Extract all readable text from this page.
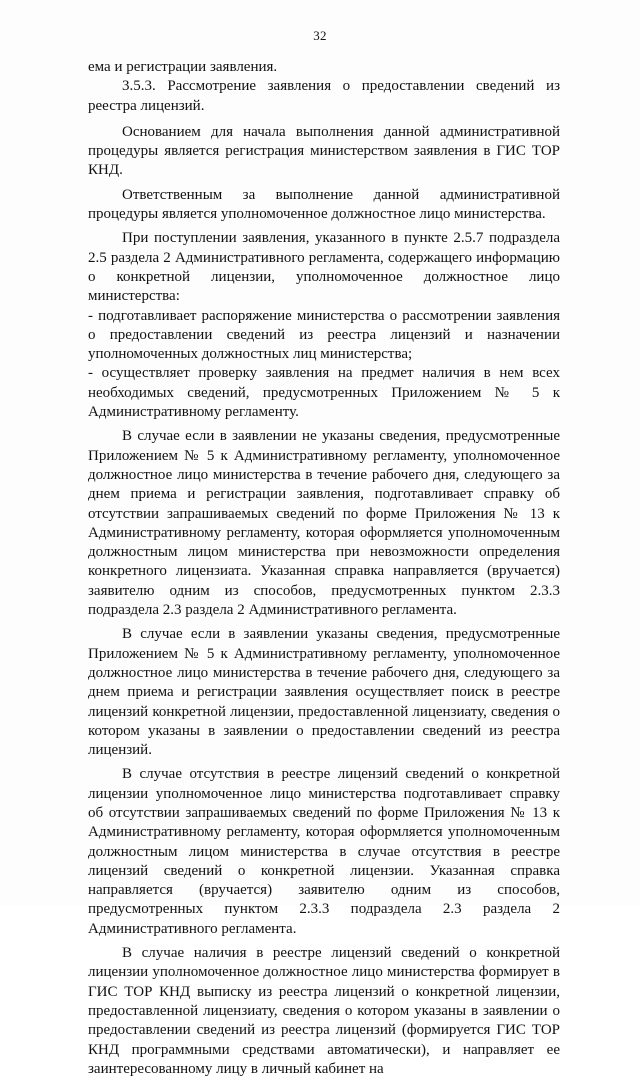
32

ема и регистрации заявления.

3.5.3. Рассмотрение заявления о предоставлении сведений из реестра лицензий.

Основанием для начала выполнения данной административной процедуры является регистрация министерством заявления в ГИС ТОР КНД.

Ответственным за выполнение данной административной процедуры является уполномоченное должностное лицо министерства.

При поступлении заявления, указанного в пункте 2.5.7 подраздела 2.5 раздела 2 Административного регламента, содержащего информацию о конкретной лицензии, уполномоченное должностное лицо министерства:

- подготавливает распоряжение министерства о рассмотрении заявления о предоставлении сведений из реестра лицензий и назначении уполномоченных должностных лиц министерства;

- осуществляет проверку заявления на предмет наличия в нем всех необходимых сведений, предусмотренных Приложением № 5 к Административному регламенту.

В случае если в заявлении не указаны сведения, предусмотренные Приложением № 5 к Административному регламенту, уполномоченное должностное лицо министерства в течение рабочего дня, следующего за днем приема и регистрации заявления, подготавливает справку об отсутствии запрашиваемых сведений по форме Приложения № 13 к Административному регламенту, которая оформляется уполномоченным должностным лицом министерства при невозможности определения конкретного лицензиата. Указанная справка направляется (вручается) заявителю одним из способов, предусмотренных пунктом 2.3.3 подраздела 2.3 раздела 2 Административного регламента.

В случае если в заявлении указаны сведения, предусмотренные Приложением № 5 к Административному регламенту, уполномоченное должностное лицо министерства в течение рабочего дня, следующего за днем приема и регистрации заявления осуществляет поиск в реестре лицензий конкретной лицензии, предоставленной лицензиату, сведения о котором указаны в заявлении о предоставлении сведений из реестра лицензий.

В случае отсутствия в реестре лицензий сведений о конкретной лицензии уполномоченное лицо министерства подготавливает справку об отсутствии запрашиваемых сведений по форме Приложения № 13 к Административному регламенту, которая оформляется уполномоченным должностным лицом министерства в случае отсутствия в реестре лицензий сведений о конкретной лицензии. Указанная справка направляется (вручается) заявителю одним из способов, предусмотренных пунктом 2.3.3 подраздела 2.3 раздела 2 Административного регламента.

В случае наличия в реестре лицензий сведений о конкретной лицензии уполномоченное должностное лицо министерства формирует в ГИС ТОР КНД выписку из реестра лицензий о конкретной лицензии, предоставленной лицензиату, сведения о котором указаны в заявлении о предоставлении сведений из реестра лицензий (формируется ГИС ТОР КНД программными средствами автоматически), и направляет ее заинтересованному лицу в личный кабинет на
